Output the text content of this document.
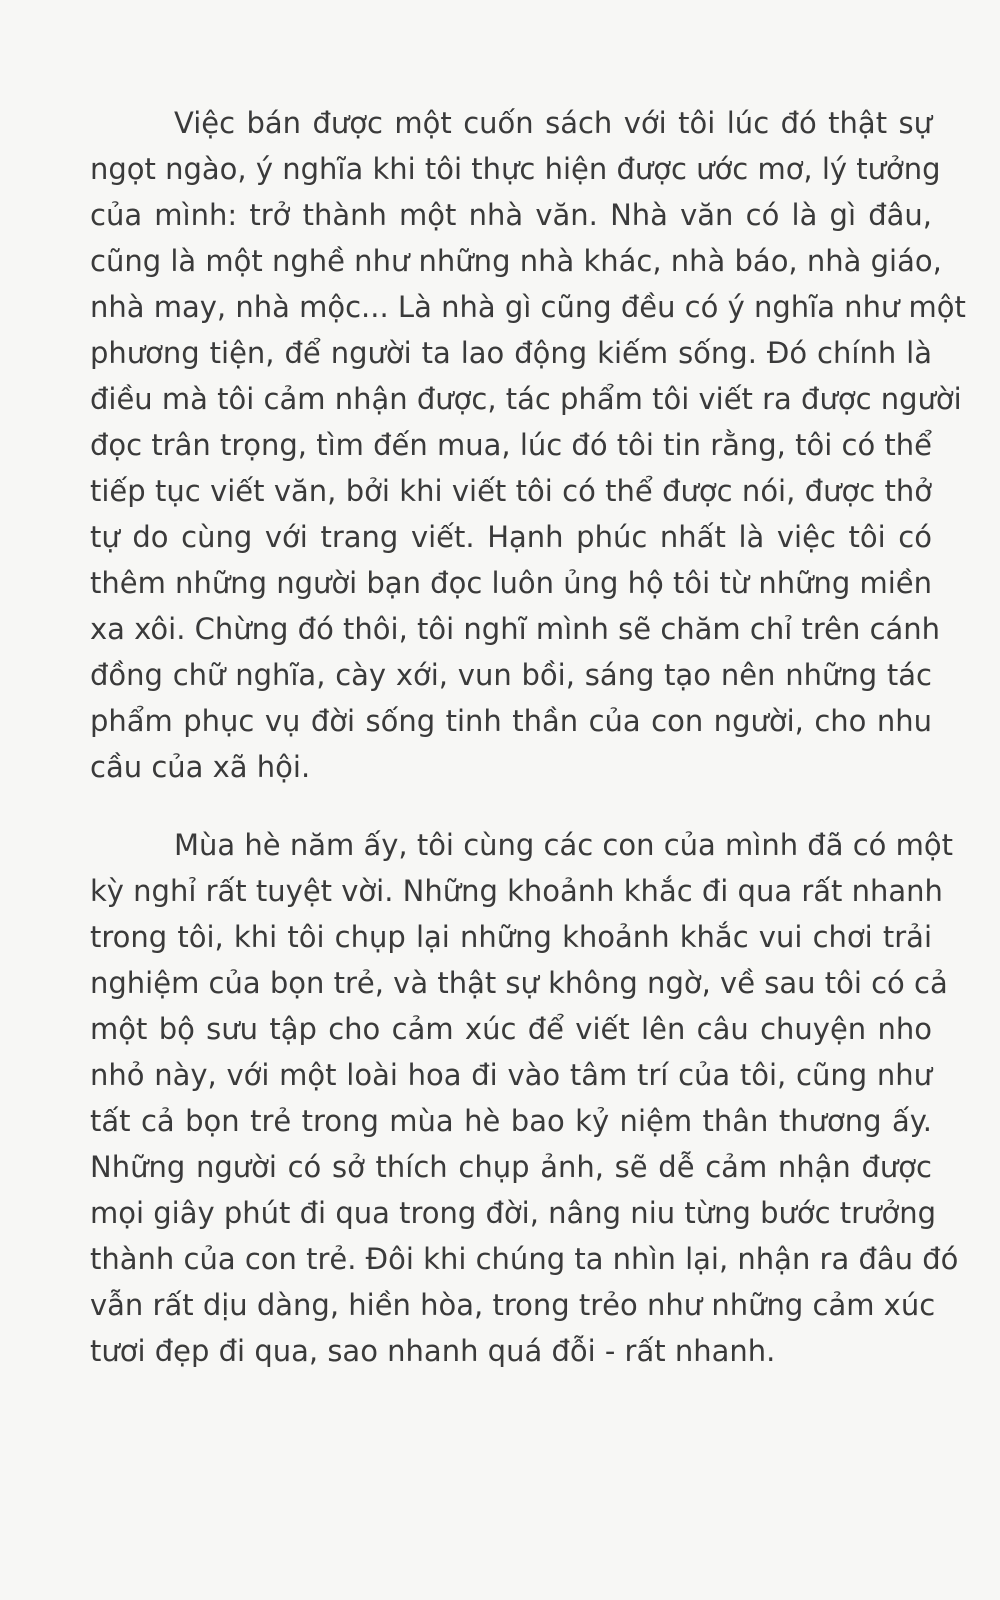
Việc bán được một cuốn sách với tôi lúc đó thật sự
ngọt ngào, ý nghĩa khi tôi thực hiện được ước mơ, lý tưởng
của mình: trở thành một nhà văn. Nhà văn có là gì đâu,
cũng là một nghề như những nhà khác, nhà báo, nhà giáo,
nhà may, nhà mộc... Là nhà gì cũng đều có ý nghĩa như một
phương tiện, để người ta lao động kiếm sống. Đó chính là
điều mà tôi cảm nhận được, tác phẩm tôi viết ra được người
đọc trân trọng, tìm đến mua, lúc đó tôi tin rằng, tôi có thể
tiếp tục viết văn, bởi khi viết tôi có thể được nói, được thở
tự do cùng với trang viết. Hạnh phúc nhất là việc tôi có
thêm những người bạn đọc luôn ủng hộ tôi từ những miền
xa xôi. Chừng đó thôi, tôi nghĩ mình sẽ chăm chỉ trên cánh
đồng chữ nghĩa, cày xới, vun bồi, sáng tạo nên những tác
phẩm phục vụ đời sống tinh thần của con người, cho nhu
cầu của xã hội.

Mùa hè năm ấy, tôi cùng các con của mình đã có một
kỳ nghỉ rất tuyệt vời. Những khoảnh khắc đi qua rất nhanh
trong tôi, khi tôi chụp lại những khoảnh khắc vui chơi trải
nghiệm của bọn trẻ, và thật sự không ngờ, về sau tôi có cả
một bộ sưu tập cho cảm xúc để viết lên câu chuyện nho
nhỏ này, với một loài hoa đi vào tâm trí của tôi, cũng như
tất cả bọn trẻ trong mùa hè bao kỷ niệm thân thương ấy.
Những người có sở thích chụp ảnh, sẽ dễ cảm nhận được
mọi giây phút đi qua trong đời, nâng niu từng bước trưởng
thành của con trẻ. Đôi khi chúng ta nhìn lại, nhận ra đâu đó
vẫn rất dịu dàng, hiền hòa, trong trẻo như những cảm xúc
tươi đẹp đi qua, sao nhanh quá đỗi - rất nhanh.
